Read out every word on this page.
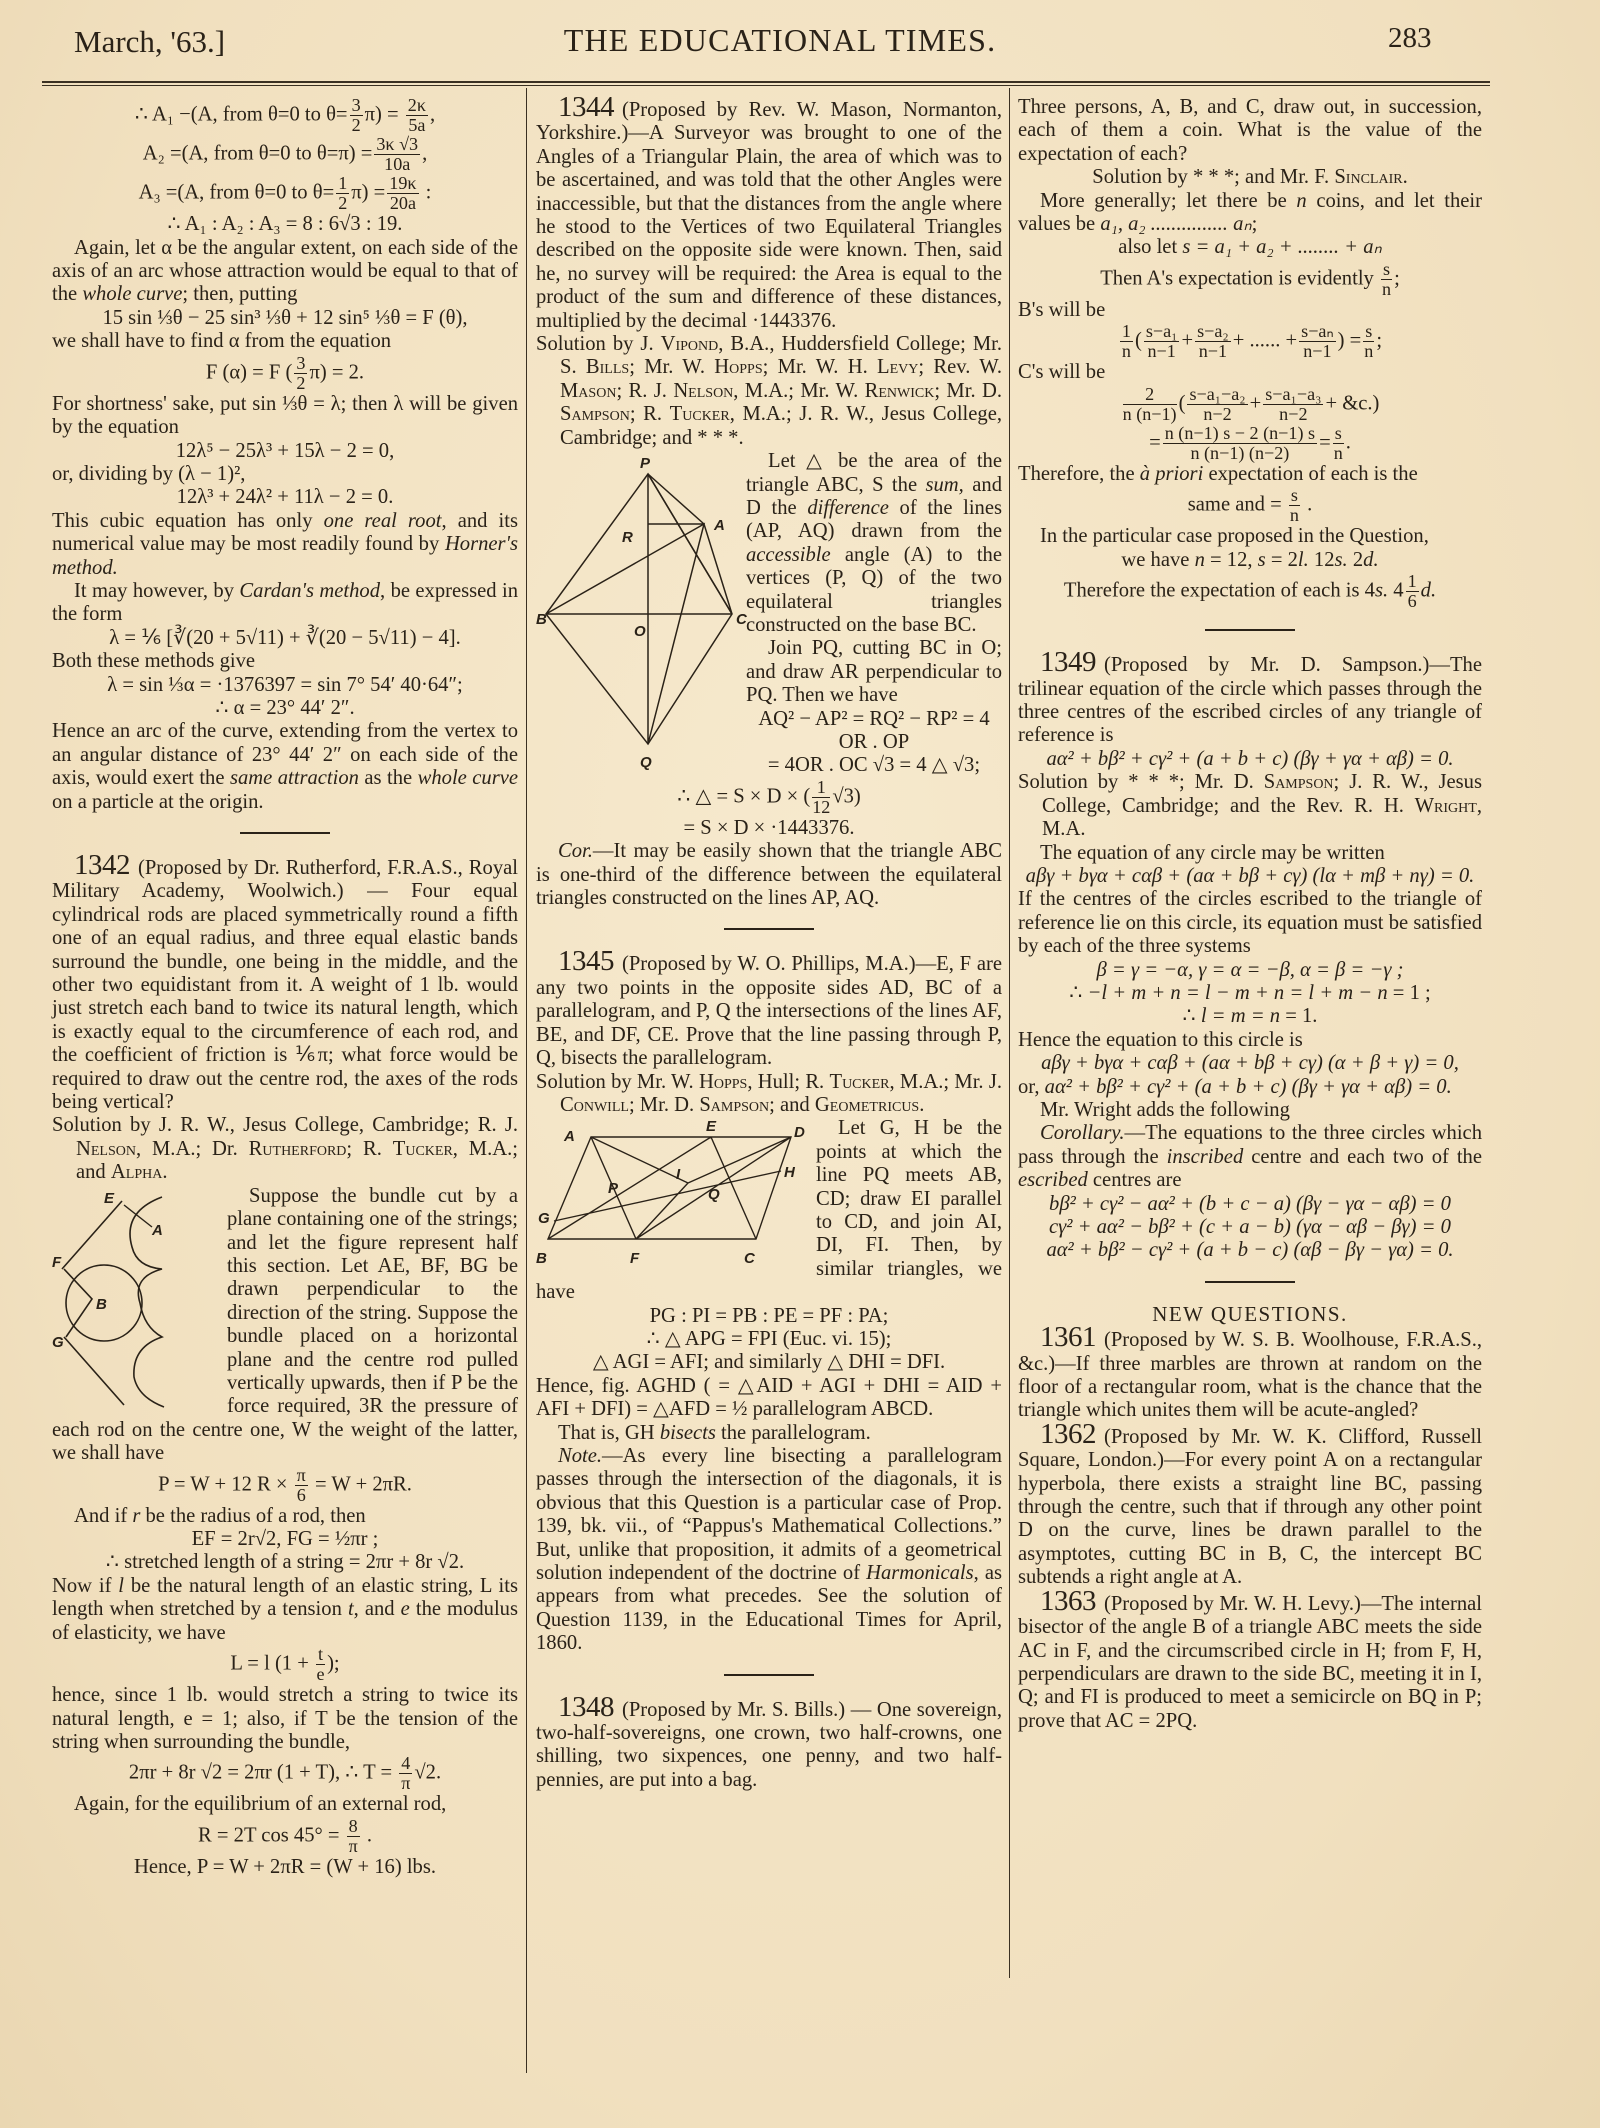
March, '63.]	THE EDUCATIONAL TIMES.	283

∴ A₁ −(A, from θ=0 to $\theta= \frac{3}{2} \pi) = \frac{2\kappa}{5a}$ ,

A₂ =(A, from θ=0 to $\theta=\pi) = \frac{3\kappa √3}{10a}$ ,

A₃ =(A, from θ=0 to $\theta= \frac{1}{2} \pi) = \frac{19\kappa}{20a}$ :

∴ A₁ : A₂ : A₃ = 8 : 6√3 : 19.

Again, let α be the angular extent, on each side of the axis of an arc whose attraction would be equal to that of the whole curve; then, putting

15 sin ⅓θ − 25 sin³ ⅓θ + 12 sin⁵ ⅓θ = F (θ),

we shall have to find α from the equation

F (α) = F ( $\frac{3}{2} \pi) = 2$.

For shortness' sake, put sin ⅓θ = λ; then λ will be given by the equation

12λ⁵ − 25λ³ + 15λ − 2 = 0,

or, dividing by (λ − 1)²,

12λ³ + 24λ² + 11λ − 2 = 0.

This cubic equation has only one real root, and its numerical value may be most readily found by Horner's method.

It may however, by Cardan's method, be expressed in the form

λ = ⅙ [∛(20 + 5√11) + ∛(20 − 5√11) − 4].

Both these methods give

λ = sin ⅓α = ·1376397 = sin 7° 54′ 40·64″;

∴ α = 23° 44′ 2″.

Hence an arc of the curve, extending from the vertex to an angular distance of 23° 44′ 2″ on each side of the axis, would exert the same attraction as the whole curve on a particle at the origin.

1342 (Proposed by Dr. Rutherford, F.R.A.S., Royal Military Academy, Woolwich.) — Four equal cylindrical rods are placed symmetrically round a fifth one of an equal radius, and three equal elastic bands surround the bundle, one being in the middle, and the other two equidistant from it. A weight of 1 lb. would just stretch each band to twice its natural length, which is exactly equal to the circumference of each rod, and the coefficient of friction is ⅙π; what force would be required to draw out the centre rod, the axes of the rods being vertical?

Solution by J. R. W., Jesus College, Cambridge; R. J. Nelson, M.A.; Dr. Rutherford; R. Tucker, M.A.; and Alpha.

E
A
F
B
G

Suppose the bundle cut by a plane containing one of the strings; and let the figure represent half this section. Let AE, BF, BG be drawn perpendicular to the direction of the string. Suppose the bundle placed on a horizontal plane and the centre rod pulled vertically upwards, then if P be the force required, 3R the pressure of each rod on the centre one, W the weight of the latter, we shall have

P = W + 12 $R \times \frac{\pi}{6} = W + 2\pi R$.

And if r be the radius of a rod, then

EF = 2r√2, FG = ½πr ;

∴ stretched length of a string = 2πr + 8r √2.

Now if l be the natural length of an elastic string, L its length when stretched by a tension t, and e the modulus of elasticity, we have

L = l ($1 + \frac{t}{e}$ );

hence, since 1 lb. would stretch a string to twice its natural length, e = 1; also, if T be the tension of the string when surrounding the bundle,

2πr + 8r √2 = 2πr (1 + T), ∴ $T = \frac{4}{\pi} √2$.

Again, for the equilibrium of an external rod,

R = 2T $\cos 45^\circ = \frac{8}{\pi}$ .

Hence, P = W + 2πR = (W + 16) lbs.

1344 (Proposed by Rev. W. Mason, Normanton, Yorkshire.)—A Surveyor was brought to one of the Angles of a Triangular Plain, the area of which was to be ascertained, and was told that the other Angles were inaccessible, but that the distances from the angle where he stood to the Vertices of two Equilateral Triangles described on the opposite side were known. Then, said he, no survey will be required: the Area is equal to the product of the sum and difference of these distances, multiplied by the decimal ·1443376.

Solution by J. Vipond, B.A., Huddersfield College; Mr. S. Bills; Mr. W. Hopps; Mr. W. H. Levy; Rev. W. Mason; R. J. Nelson, M.A.; Mr. W. Renwick; Mr. D. Sampson; R. Tucker, M.A.; J. R. W., Jesus College, Cambridge; and * * *.

P
R
A
B
O
C
Q

Let △ be the area of the triangle ABC, S the sum, and D the difference of the lines (AP, AQ) drawn from the accessible angle (A) to the vertices (P, Q) of the two equilateral triangles constructed on the base BC.

Join PQ, cutting BC in O; and draw AR perpendicular to PQ. Then we have

AQ² − AP² = RQ² − RP² = 4 OR . OP

= 4OR . OC √3 = 4 △ √3;

∴ △ = S × D × ( $\frac{1}{12} √3$)

= S × D × ·1443376.

Cor.—It may be easily shown that the triangle ABC is one-third of the difference between the equilateral triangles constructed on the lines AP, AQ.

1345 (Proposed by W. O. Phillips, M.A.)—E, F are any two points in the opposite sides AD, BC of a parallelogram, and P, Q the intersections of the lines AF, BE, and DF, CE. Prove that the line passing through P, Q, bisects the parallelogram.

Solution by Mr. W. Hopps, Hull; R. Tucker, M.A.; Mr. J. Conwill; Mr. D. Sampson; and Geometricus.

A
E	D
I	H
P	Q
G
B	F	C

Let G, H be the points at which the line PQ meets AB, CD; draw EI parallel to CD, and join AI, DI, FI. Then, by similar triangles, we have

PG : PI = PB : PE = PF : PA;

∴ △ APG = FPI (Euc. vi. 15);

△ AGI = AFI; and similarly △ DHI = DFI.

Hence, fig. AGHD ( = △AID + AGI + DHI = AID + AFI + DFI) = △AFD = ½ parallelogram ABCD.

That is, GH bisects the parallelogram.

Note.—As every line bisecting a parallelogram passes through the intersection of the diagonals, it is obvious that this Question is a particular case of Prop. 139, bk. vii., of “Pappus's Mathematical Collections.” But, unlike that proposition, it admits of a geometrical solution independent of the doctrine of Harmonicals, as appears from what precedes. See the solution of Question 1139, in the Educational Times for April, 1860.

1348 (Proposed by Mr. S. Bills.) — One sovereign, two-half-sovereigns, one crown, two half-crowns, one shilling, two sixpences, one penny, and two half-pennies, are put into a bag.

Three persons, A, B, and C, draw out, in succession, each of them a coin. What is the value of the expectation of each?

Solution by * * *; and Mr. F. Sinclair.

More generally; let there be n coins, and let their values be a₁, a₂ ............... aₙ;

also let s = a₁ + a₂ + ........ + aₙ

Then A's expectation is evidently $\frac{s}{n}$ ;

B's will be

$\frac{1}{n}$ ( $\frac{\text{s−a₁}}{n-1} + \frac{\text{s−a₂}}{n-1}$ + ...... + $\frac{\text{s−aₙ}}{n-1}$ ) = $\frac{s}{n}$ ;

C's will be

$\frac{2}{n (n-1)}$ ( $\frac{\text{s−a₁−a₂}}{n-2} + \frac{\text{s−a₁−a₃}}{n-2}$ + &c.)

= $\frac{n (n-1) s - 2 (n-1) s}{n (n-1) (n-2)} = \frac{s}{n}$ .

Therefore, the à priori expectation of each is the

same and = $\frac{s}{n}$ .

In the particular case proposed in the Question,

we have n = 12, s = 2l. 12s. 2d.

Therefore the expectation of each is 4s. $4 \frac{1}{6} d$.

1349 (Proposed by Mr. D. Sampson.)—The trilinear equation of the circle which passes through the three centres of the escribed circles of any triangle of reference is

aα² + bβ² + cγ² + (a + b + c) (βγ + γα + αβ) = 0.

Solution by * * *; Mr. D. Sampson; J. R. W., Jesus College, Cambridge; and the Rev. R. H. Wright, M.A.

The equation of any circle may be written

aβγ + bγα + cαβ + (aα + bβ + cγ) (lα + mβ + nγ) = 0.

If the centres of the circles escribed to the triangle of reference lie on this circle, its equation must be satisfied by each of the three systems

β = γ = −α, γ = α = −β, α = β = −γ ;

∴ −l + m + n = l − m + n = l + m − n = 1 ;

∴ l = m = n = 1.

Hence the equation to this circle is

aβγ + bγα + cαβ + (aα + bβ + cγ) (α + β + γ) = 0,

or, aα² + bβ² + cγ² + (a + b + c) (βγ + γα + αβ) = 0.

Mr. Wright adds the following

Corollary.—The equations to the three circles which pass through the inscribed centre and each two of the escribed centres are

bβ² + cγ² − aα² + (b + c − a) (βγ − γα − αβ) = 0

cγ² + aα² − bβ² + (c + a − b) (γα − αβ − βγ) = 0

aα² + bβ² − cγ² + (a + b − c) (αβ − βγ − γα) = 0.

NEW QUESTIONS.

1361 (Proposed by W. S. B. Woolhouse, F.R.A.S., &c.)—If three marbles are thrown at random on the floor of a rectangular room, what is the chance that the triangle which unites them will be acute-angled?

1362 (Proposed by Mr. W. K. Clifford, Russell Square, London.)—For every point A on a rectangular hyperbola, there exists a straight line BC, passing through the centre, such that if through any other point D on the curve, lines be drawn parallel to the asymptotes, cutting BC in B, C, the intercept BC subtends a right angle at A.

1363 (Proposed by Mr. W. H. Levy.)—The internal bisector of the angle B of a triangle ABC meets the side AC in F, and the circumscribed circle in H; from F, H, perpendiculars are drawn to the side BC, meeting it in I, Q; and FI is produced to meet a semicircle on BQ in P; prove that AC = 2PQ.
